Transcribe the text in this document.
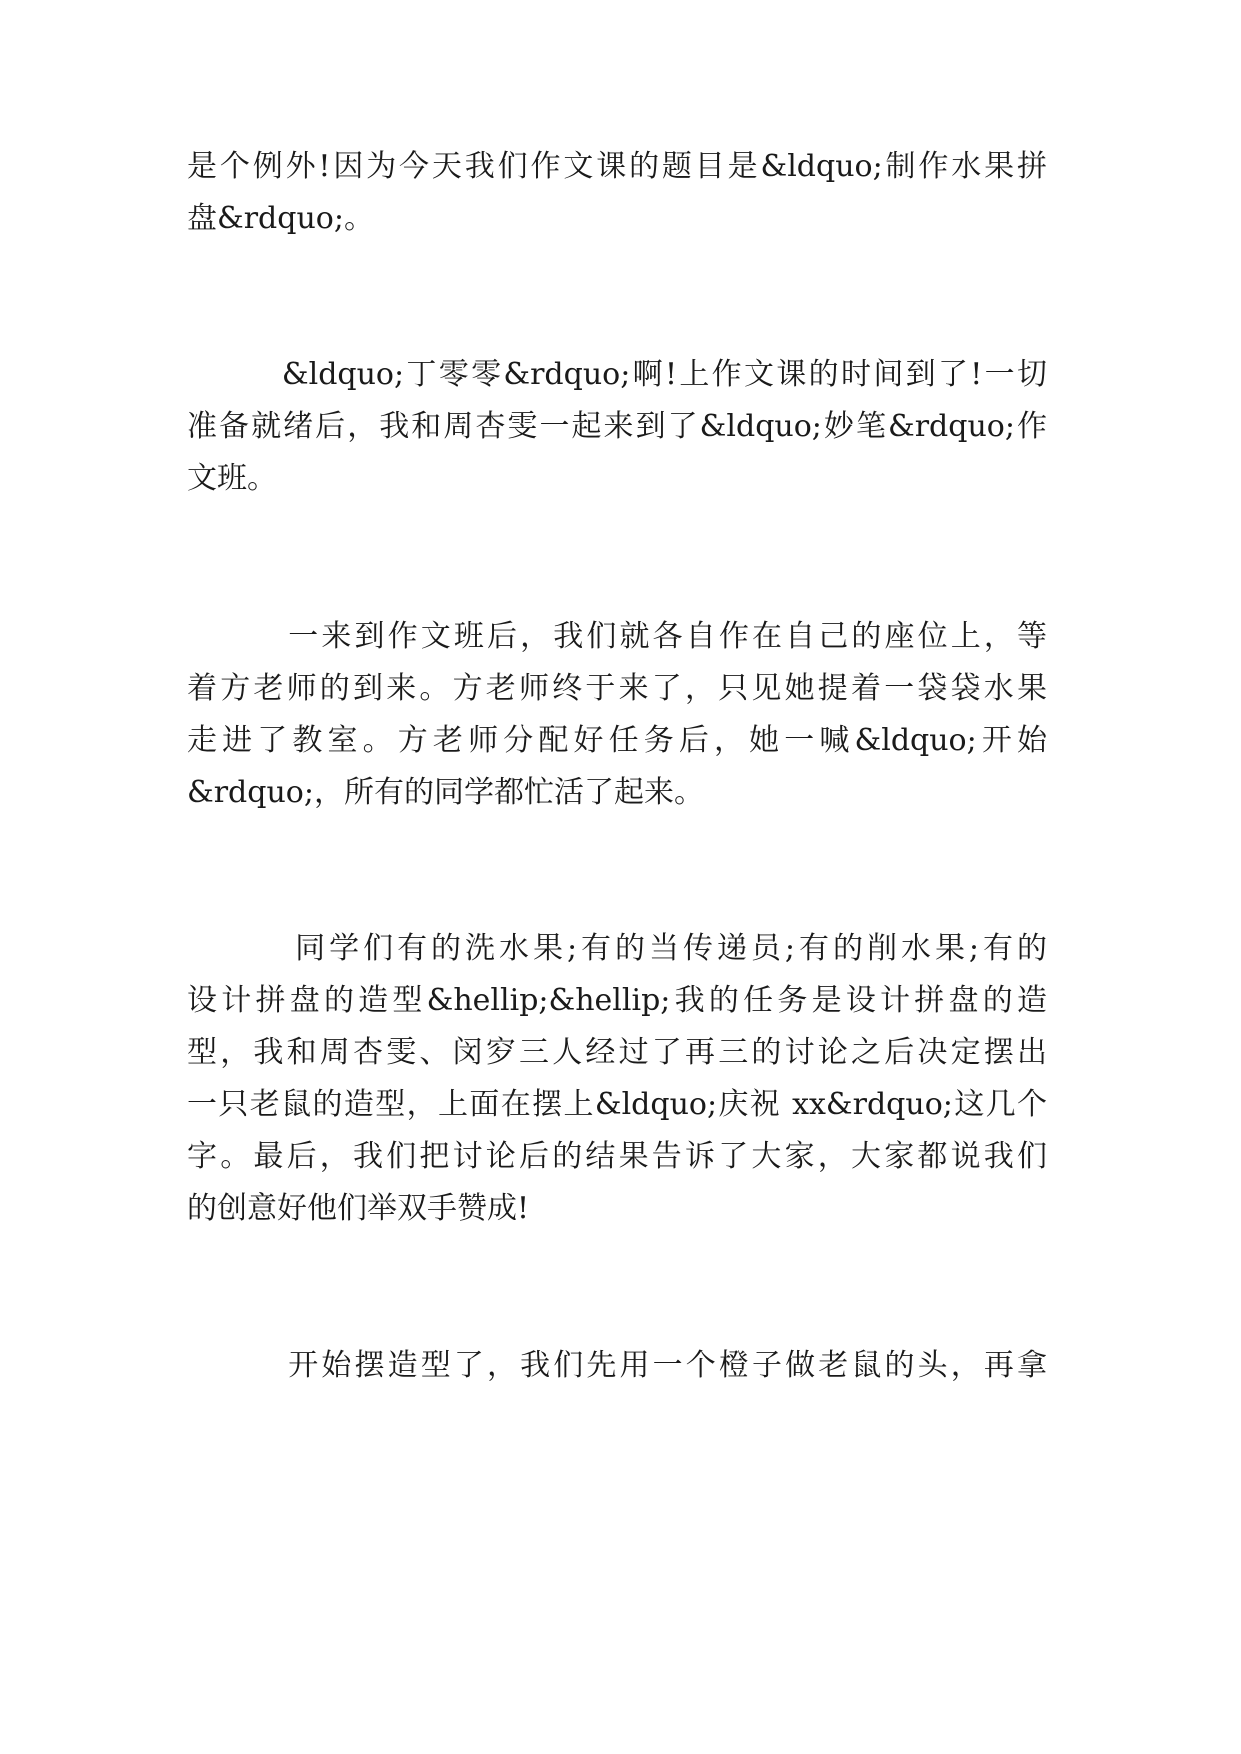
是个例外!因为今天我们作文课的题目是&ldquo;制作水果拼
盘&rdquo;。
&ldquo;丁零零&rdquo;啊!上作文课的时间到了!一切
准备就绪后，我和周杏雯一起来到了&ldquo;妙笔&rdquo;作
文班。
一来到作文班后，我们就各自作在自己的座位上，等
着方老师的到来。方老师终于来了，只见她提着一袋袋水果
走进了教室。方老师分配好任务后，她一喊&ldquo;开始
&rdquo;，所有的同学都忙活了起来。
同学们有的洗水果;有的当传递员;有的削水果;有的
设计拼盘的造型&hellip;&hellip;我的任务是设计拼盘的造
型，我和周杏雯、闵穸三人经过了再三的讨论之后决定摆出
一只老鼠的造型，上面在摆上&ldquo;庆祝 xx&rdquo;这几个
字。最后，我们把讨论后的结果告诉了大家，大家都说我们
的创意好他们举双手赞成!
开始摆造型了，我们先用一个橙子做老鼠的头，再拿
